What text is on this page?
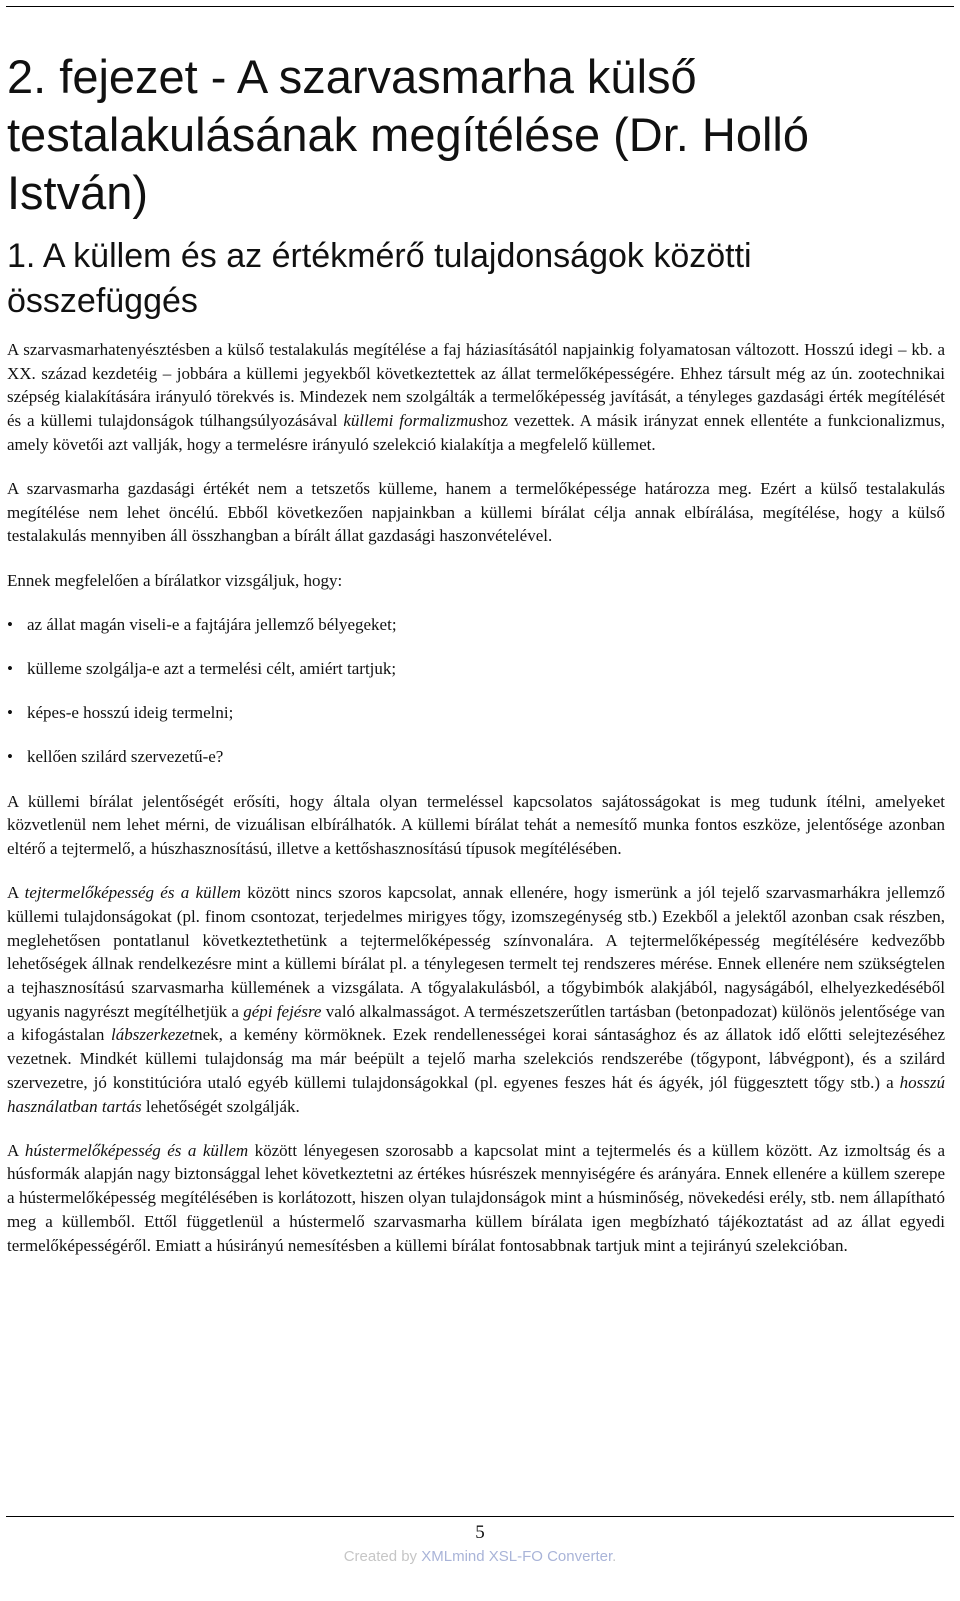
2. fejezet - A szarvasmarha külső testalakulásának megítélése (Dr. Holló István)
1. A küllem és az értékmérő tulajdonságok közötti összefüggés

A szarvasmarhatenyésztésben a külső testalakulás megítélése a faj háziasításától napjainkig folyamatosan változott. Hosszú idegi – kb. a XX. század kezdetéig – jobbára a küllemi jegyekből következtettek az állat termelőképességére. Ehhez társult még az ún. zootechnikai szépség kialakítására irányuló törekvés is. Mindezek nem szolgálták a termelőképesség javítását, a tényleges gazdasági érték megítélését és a küllemi tulajdonságok túlhangsúlyozásával küllemi formalizmushoz vezettek. A másik irányzat ennek ellentéte a funkcionalizmus, amely követői azt vallják, hogy a termelésre irányuló szelekció kialakítja a megfelelő küllemet.

A szarvasmarha gazdasági értékét nem a tetszetős külleme, hanem a termelőképessége határozza meg. Ezért a külső testalakulás megítélése nem lehet öncélú. Ebből következően napjainkban a küllemi bírálat célja annak elbírálása, megítélése, hogy a külső testalakulás mennyiben áll összhangban a bírált állat gazdasági haszonvételével.

Ennek megfelelően a bírálatkor vizsgáljuk, hogy:

• az állat magán viseli-e a fajtájára jellemző bélyegeket;
• külleme szolgálja-e azt a termelési célt, amiért tartjuk;
• képes-e hosszú ideig termelni;
• kellően szilárd szervezetű-e?

A küllemi bírálat jelentőségét erősíti, hogy általa olyan termeléssel kapcsolatos sajátosságokat is meg tudunk ítélni, amelyeket közvetlenül nem lehet mérni, de vizuálisan elbírálhatók. A küllemi bírálat tehát a nemesítő munka fontos eszköze, jelentősége azonban eltérő a tejtermelő, a húszhasznosítású, illetve a kettőshasznosítású típusok megítélésében.

A tejtermelőképesség és a küllem között nincs szoros kapcsolat, annak ellenére, hogy ismerünk a jól tejelő szarvasmarhákra jellemző küllemi tulajdonságokat (pl. finom csontozat, terjedelmes mirigyes tőgy, izomszegénység stb.) Ezekből a jelektől azonban csak részben, meglehetősen pontatlanul következtethetünk a tejtermelőképesség színvonalára. A tejtermelőképesség megítélésére kedvezőbb lehetőségek állnak rendelkezésre mint a küllemi bírálat pl. a ténylegesen termelt tej rendszeres mérése. Ennek ellenére nem szükségtelen a tejhasznosítású szarvasmarha küllemének a vizsgálata. A tőgyalakulásból, a tőgybimbók alakjából, nagyságából, elhelyezkedéséből ugyanis nagyrészt megítélhetjük a gépi fejésre való alkalmasságot. A természetszerűtlen tartásban (betonpadozat) különös jelentősége van a kifogástalan lábszerkezetnek, a kemény körmöknek. Ezek rendellenességei korai sántasághoz és az állatok idő előtti selejtezéséhez vezetnek. Mindkét küllemi tulajdonság ma már beépült a tejelő marha szelekciós rendszerébe (tőgypont, lábvégpont), és a szilárd szervezetre, jó konstitúcióra utaló egyéb küllemi tulajdonságokkal (pl. egyenes feszes hát és ágyék, jól függesztett tőgy stb.) a hosszú használatban tartás lehetőségét szolgálják.

A hústermelőképesség és a küllem között lényegesen szorosabb a kapcsolat mint a tejtermelés és a küllem között. Az izmoltság és a húsformák alapján nagy biztonsággal lehet következtetni az értékes húsrészek mennyiségére és arányára. Ennek ellenére a küllem szerepe a hústermelőképesség megítélésében is korlátozott, hiszen olyan tulajdonságok mint a húsminőség, növekedési erély, stb. nem állapítható meg a küllemből. Ettől függetlenül a hústermelő szarvasmarha küllem bírálata igen megbízható tájékoztatást ad az állat egyedi termelőképességéről. Emiatt a húsirányú nemesítésben a küllemi bírálat fontosabbnak tartjuk mint a tejirányú szelekcióban.

5
Created by XMLmind XSL-FO Converter.
